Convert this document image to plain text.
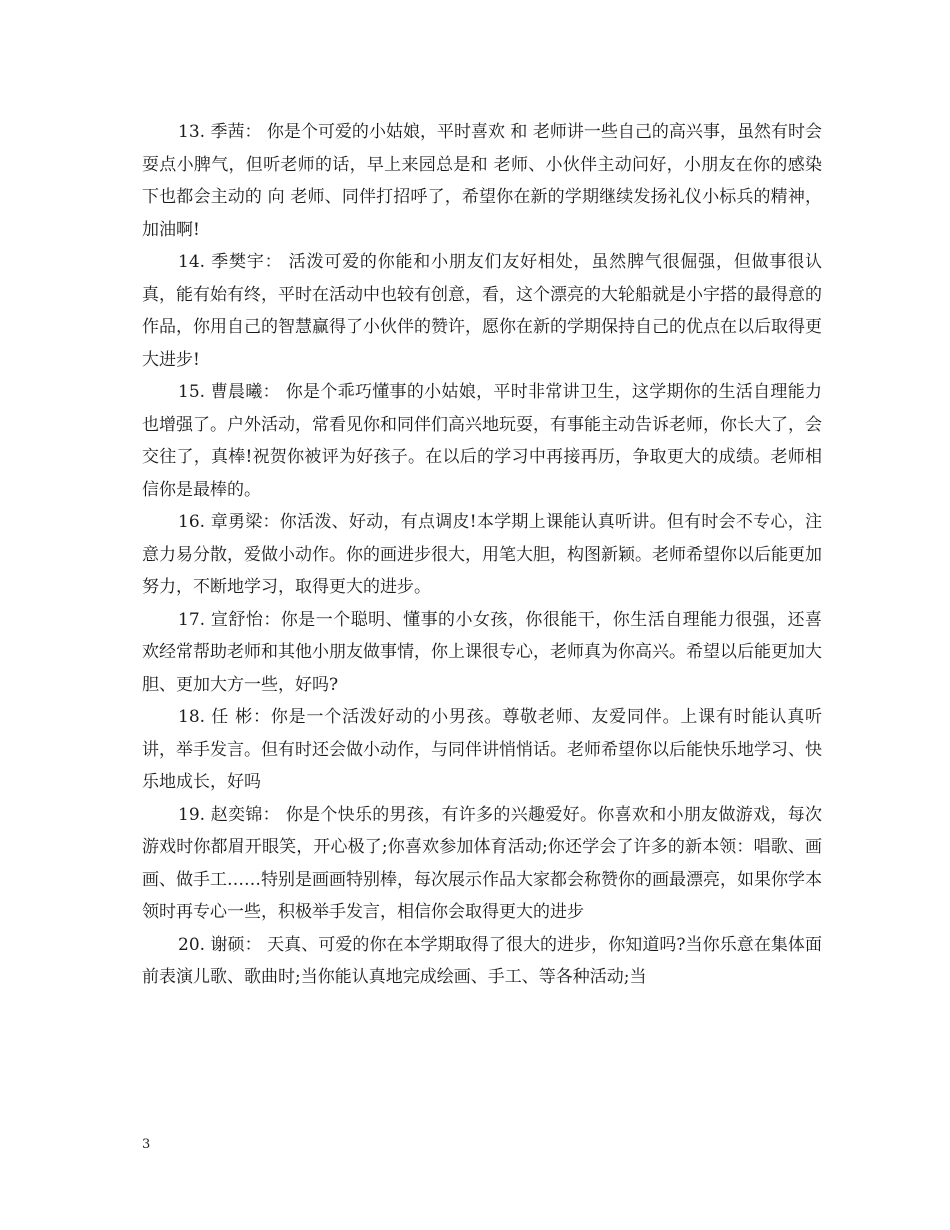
13. 季茜： 你是个可爱的小姑娘，平时喜欢 和 老师讲一些自己的高兴事，虽然有时会耍点小脾气，但听老师的话，早上来园总是和 老师、小伙伴主动问好，小朋友在你的感染下也都会主动的 向 老师、同伴打招呼了，希望你在新的学期继续发扬礼仪小标兵的精神，加油啊!

14. 季樊宇： 活泼可爱的你能和小朋友们友好相处，虽然脾气很倔强，但做事很认真，能有始有终，平时在活动中也较有创意，看，这个漂亮的大轮船就是小宇搭的最得意的作品，你用自己的智慧赢得了小伙伴的赞许，愿你在新的学期保持自己的优点在以后取得更大进步!

15. 曹晨曦： 你是个乖巧懂事的小姑娘，平时非常讲卫生，这学期你的生活自理能力也增强了。户外活动，常看见你和同伴们高兴地玩耍，有事能主动告诉老师，你长大了，会交往了，真棒!祝贺你被评为好孩子。在以后的学习中再接再历，争取更大的成绩。老师相信你是最棒的。

16. 章勇梁：你活泼、好动，有点调皮!本学期上课能认真听讲。但有时会不专心，注意力易分散，爱做小动作。你的画进步很大，用笔大胆，构图新颖。老师希望你以后能更加努力，不断地学习，取得更大的进步。

17. 宣舒怡：你是一个聪明、懂事的小女孩，你很能干，你生活自理能力很强，还喜欢经常帮助老师和其他小朋友做事情，你上课很专心，老师真为你高兴。希望以后能更加大胆、更加大方一些，好吗?

18. 任 彬：你是一个活泼好动的小男孩。尊敬老师、友爱同伴。上课有时能认真听讲，举手发言。但有时还会做小动作，与同伴讲悄悄话。老师希望你以后能快乐地学习、快乐地成长，好吗

19. 赵奕锦： 你是个快乐的男孩，有许多的兴趣爱好。你喜欢和小朋友做游戏，每次游戏时你都眉开眼笑，开心极了;你喜欢参加体育活动;你还学会了许多的新本领：唱歌、画画、做手工……特别是画画特别棒，每次展示作品大家都会称赞你的画最漂亮，如果你学本领时再专心一些，积极举手发言，相信你会取得更大的进步

20. 谢硕： 天真、可爱的你在本学期取得了很大的进步，你知道吗?当你乐意在集体面前表演儿歌、歌曲时;当你能认真地完成绘画、手工、等各种活动;当

3
